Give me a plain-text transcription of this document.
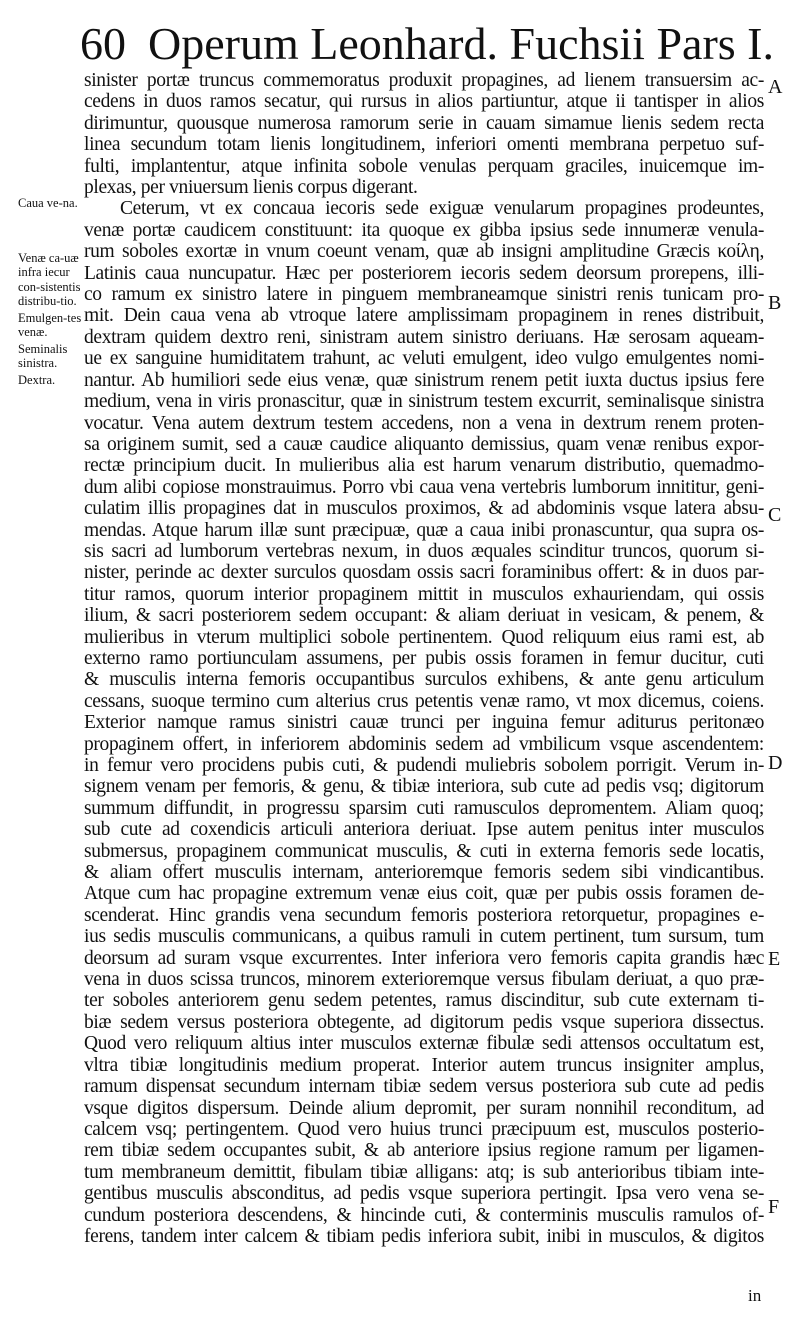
60 Operum Leonhard. Fuchsii Pars I.
Caua ve-na.
Venæ ca-uæ infra iecur con-sistentis distribu-tio.
Emulgen-tes venæ.
Seminalis sinistra.
Dextra.
A
B
C
D
E
F
sinister portæ truncus commemoratus produxit propagines, ad lienem transuersim ac-
cedens in duos ramos secatur, qui rursus in alios partiuntur, atque ii tantisper in alios
dirimuntur, quousque numerosa ramorum serie in cauam simamue lienis sedem recta
linea secundum totam lienis longitudinem, inferiori omenti membrana perpetuo suf-
fulti, implantentur, atque infinita sobole venulas perquam graciles, inuicemque im-
plexas, per vniuersum lienis corpus digerant.
Ceterum, vt ex concaua iecoris sede exiguæ venularum propagines prodeuntes,
venæ portæ caudicem constituunt: ita quoque ex gibba ipsius sede innumeræ venula-
rum soboles exortæ in vnum coeunt venam, quæ ab insigni amplitudine Græcis κοίλη,
Latinis caua nuncupatur. Hæc per posteriorem iecoris sedem deorsum prorepens, illi-
co ramum ex sinistro latere in pinguem membraneamque sinistri renis tunicam pro-
mit. Dein caua vena ab vtroque latere amplissimam propaginem in renes distribuit,
dextram quidem dextro reni, sinistram autem sinistro deriuans. Hæ serosam aqueam-
ue ex sanguine humiditatem trahunt, ac veluti emulgent, ideo vulgo emulgentes nomi-
nantur. Ab humiliori sede eius venæ, quæ sinistrum renem petit iuxta ductus ipsius fere
medium, vena in viris pronascitur, quæ in sinistrum testem excurrit, seminalisque sinistra
vocatur. Vena autem dextrum testem accedens, non a vena in dextrum renem proten-
sa originem sumit, sed a cauæ caudice aliquanto demissius, quam venæ renibus expor-
rectæ principium ducit. In mulieribus alia est harum venarum distributio, quemadmo-
dum alibi copiose monstrauimus. Porro vbi caua vena vertebris lumborum innititur, geni-
culatim illis propagines dat in musculos proximos, & ad abdominis vsque latera absu-
mendas. Atque harum illæ sunt præcipuæ, quæ a caua inibi pronascuntur, qua supra os-
sis sacri ad lumborum vertebras nexum, in duos æquales scinditur truncos, quorum si-
nister, perinde ac dexter surculos quosdam ossis sacri foraminibus offert: & in duos par-
titur ramos, quorum interior propaginem mittit in musculos exhauriendam, qui ossis
ilium, & sacri posteriorem sedem occupant: & aliam deriuat in vesicam, & penem, &
mulieribus in vterum multiplici sobole pertinentem. Quod reliquum eius rami est, ab
externo ramo portiunculam assumens, per pubis ossis foramen in femur ducitur, cuti
& musculis interna femoris occupantibus surculos exhibens, & ante genu articulum
cessans, suoque termino cum alterius crus petentis venæ ramo, vt mox dicemus, coiens.
Exterior namque ramus sinistri cauæ trunci per inguina femur aditurus peritonæo
propaginem offert, in inferiorem abdominis sedem ad vmbilicum vsque ascendentem:
in femur vero procidens pubis cuti, & pudendi muliebris sobolem porrigit. Verum in-
signem venam per femoris, & genu, & tibiæ interiora, sub cute ad pedis vsq; digitorum
summum diffundit, in progressu sparsim cuti ramusculos depromentem. Aliam quoq;
sub cute ad coxendicis articuli anteriora deriuat. Ipse autem penitus inter musculos
submersus, propaginem communicat musculis, & cuti in externa femoris sede locatis,
& aliam offert musculis internam, anterioremque femoris sedem sibi vindicantibus.
Atque cum hac propagine extremum venæ eius coit, quæ per pubis ossis foramen de-
scenderat. Hinc grandis vena secundum femoris posteriora retorquetur, propagines e-
ius sedis musculis communicans, a quibus ramuli in cutem pertinent, tum sursum, tum
deorsum ad suram vsque excurrentes. Inter inferiora vero femoris capita grandis hæc
vena in duos scissa truncos, minorem exterioremque versus fibulam deriuat, a quo præ-
ter soboles anteriorem genu sedem petentes, ramus discinditur, sub cute externam ti-
biæ sedem versus posteriora obtegente, ad digitorum pedis vsque superiora dissectus.
Quod vero reliquum altius inter musculos externæ fibulæ sedi attensos occultatum est,
vltra tibiæ longitudinis medium properat. Interior autem truncus insigniter amplus,
ramum dispensat secundum internam tibiæ sedem versus posteriora sub cute ad pedis
vsque digitos dispersum. Deinde alium depromit, per suram nonnihil reconditum, ad
calcem vsq; pertingentem. Quod vero huius trunci præcipuum est, musculos posterio-
rem tibiæ sedem occupantes subit, & ab anteriore ipsius regione ramum per ligamen-
tum membraneum demittit, fibulam tibiæ alligans: atq; is sub anterioribus tibiam inte-
gentibus musculis absconditus, ad pedis vsque superiora pertingit. Ipsa vero vena se-
cundum posteriora descendens, & hincinde cuti, & conterminis musculis ramulos of-
ferens, tandem inter calcem & tibiam pedis inferiora subit, inibi in musculos, & digitos
in
